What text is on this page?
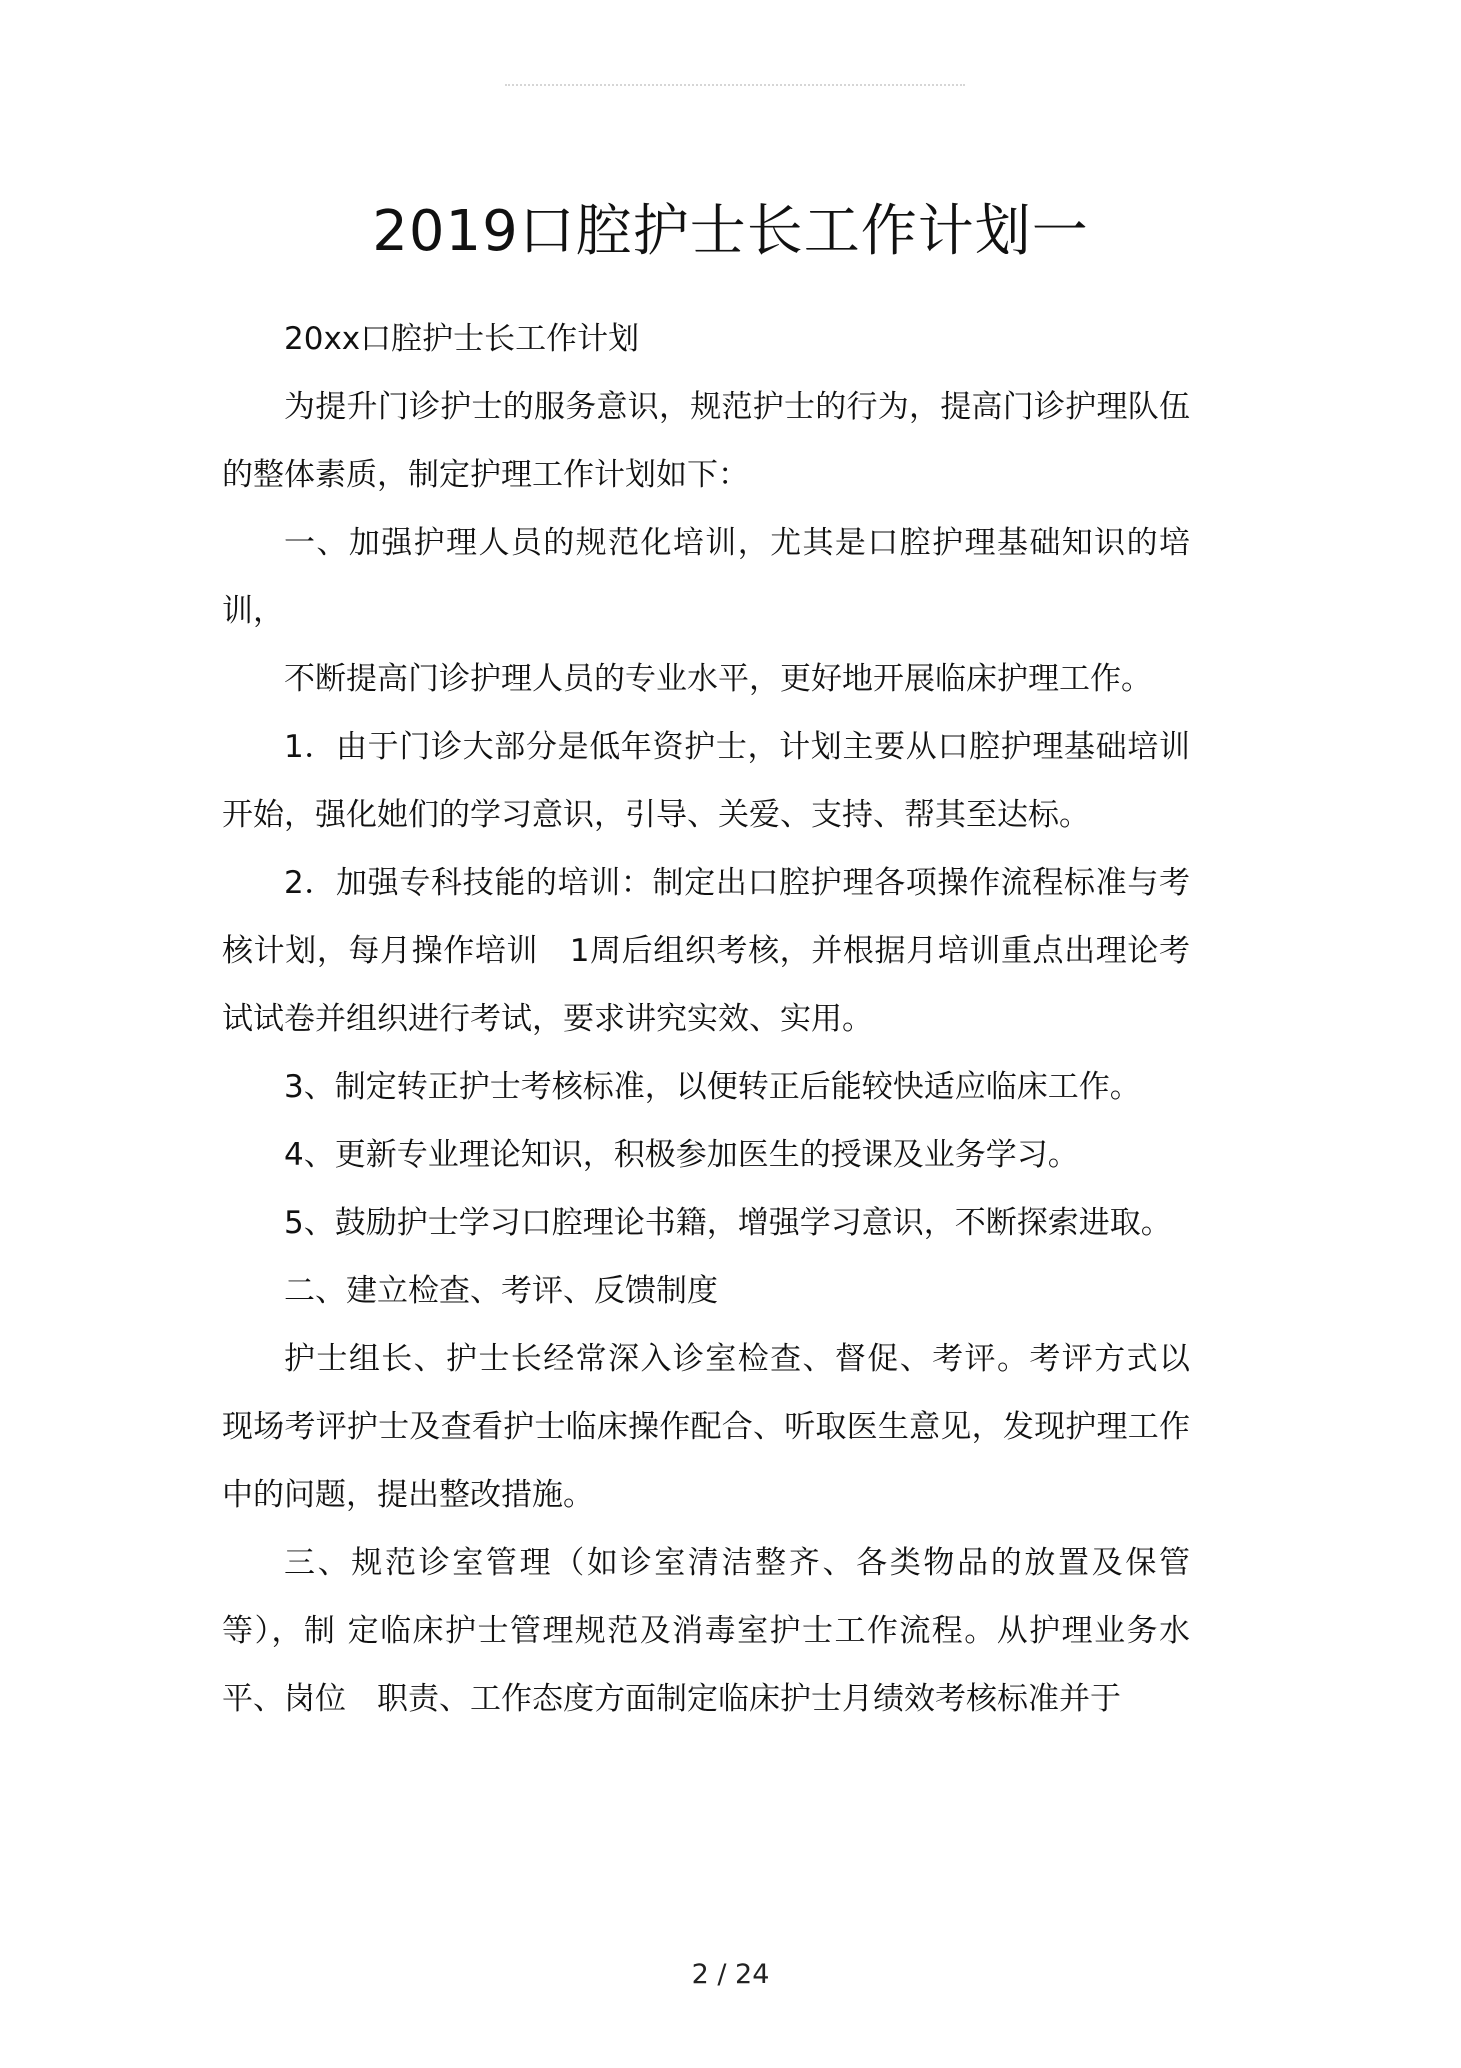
2019口腔护士长工作计划一

20xx口腔护士长工作计划

为提升门诊护士的服务意识，规范护士的行为，提高门诊护理队伍的整体素质，制定护理工作计划如下：

一、加强护理人员的规范化培训，尤其是口腔护理基础知识的培训，

不断提高门诊护理人员的专业水平，更好地开展临床护理工作。

1．由于门诊大部分是低年资护士，计划主要从口腔护理基础培训开始，强化她们的学习意识，引导、关爱、支持、帮其至达标。

2．加强专科技能的培训：制定出口腔护理各项操作流程标准与考核计划，每月操作培训　1周后组织考核，并根据月培训重点出理论考试试卷并组织进行考试，要求讲究实效、实用。

3、制定转正护士考核标准，以便转正后能较快适应临床工作。

4、更新专业理论知识，积极参加医生的授课及业务学习。

5、鼓励护士学习口腔理论书籍，增强学习意识，不断探索进取。

二、建立检查、考评、反馈制度

护士组长、护士长经常深入诊室检查、督促、考评。考评方式以 现场考评护士及查看护士临床操作配合、听取医生意见，发现护理工作中的问题，提出整改措施。

三、规范诊室管理（如诊室清洁整齐、各类物品的放置及保管等），制 定临床护士管理规范及消毒室护士工作流程。从护理业务水平、岗位　职责、工作态度方面制定临床护士月绩效考核标准并于

2 / 24
